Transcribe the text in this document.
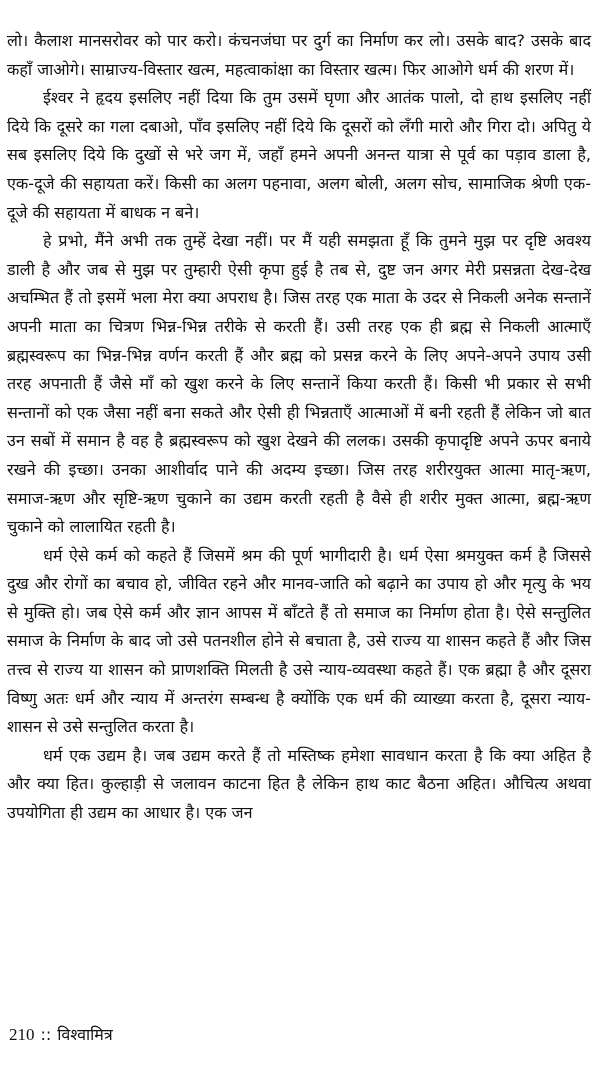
लो। कैलाश मानसरोवर को पार करो। कंचनजंघा पर दुर्ग का निर्माण कर लो। उसके बाद? उसके बाद कहाँ जाओगे। साम्राज्य-विस्तार खत्म, महत्वाकांक्षा का विस्तार खत्म। फिर आओगे धर्म की शरण में।

ईश्वर ने हृदय इसलिए नहीं दिया कि तुम उसमें घृणा और आतंक पालो, दो हाथ इसलिए नहीं दिये कि दूसरे का गला दबाओ, पाँव इसलिए नहीं दिये कि दूसरों को लँगी मारो और गिरा दो। अपितु ये सब इसलिए दिये कि दुखों से भरे जग में, जहाँ हमने अपनी अनन्त यात्रा से पूर्व का पड़ाव डाला है, एक-दूजे की सहायता करें। किसी का अलग पहनावा, अलग बोली, अलग सोच, सामाजिक श्रेणी एक-दूजे की सहायता में बाधक न बने।

हे प्रभो, मैंने अभी तक तुम्हें देखा नहीं। पर मैं यही समझता हूँ कि तुमने मुझ पर दृष्टि अवश्य डाली है और जब से मुझ पर तुम्हारी ऐसी कृपा हुई है तब से, दुष्ट जन अगर मेरी प्रसन्नता देख-देख अचम्भित हैं तो इसमें भला मेरा क्या अपराध है। जिस तरह एक माता के उदर से निकली अनेक सन्तानें अपनी माता का चित्रण भिन्न-भिन्न तरीके से करती हैं। उसी तरह एक ही ब्रह्म से निकली आत्माएँ ब्रह्मस्वरूप का भिन्न-भिन्न वर्णन करती हैं और ब्रह्म को प्रसन्न करने के लिए अपने-अपने उपाय उसी तरह अपनाती हैं जैसे माँ को खुश करने के लिए सन्तानें किया करती हैं। किसी भी प्रकार से सभी सन्तानों को एक जैसा नहीं बना सकते और ऐसी ही भिन्नताएँ आत्माओं में बनी रहती हैं लेकिन जो बात उन सबों में समान है वह है ब्रह्मस्वरूप को खुश देखने की ललक। उसकी कृपादृष्टि अपने ऊपर बनाये रखने की इच्छा। उनका आशीर्वाद पाने की अदम्य इच्छा। जिस तरह शरीरयुक्त आत्मा मातृ-ऋण, समाज-ऋण और सृष्टि-ऋण चुकाने का उद्यम करती रहती है वैसे ही शरीर मुक्त आत्मा, ब्रह्म-ऋण चुकाने को लालायित रहती है।

धर्म ऐसे कर्म को कहते हैं जिसमें श्रम की पूर्ण भागीदारी है। धर्म ऐसा श्रमयुक्त कर्म है जिससे दुख और रोगों का बचाव हो, जीवित रहने और मानव-जाति को बढ़ाने का उपाय हो और मृत्यु के भय से मुक्ति हो। जब ऐसे कर्म और ज्ञान आपस में बाँटते हैं तो समाज का निर्माण होता है। ऐसे सन्तुलित समाज के निर्माण के बाद जो उसे पतनशील होने से बचाता है, उसे राज्य या शासन कहते हैं और जिस तत्त्व से राज्य या शासन को प्राणशक्ति मिलती है उसे न्याय-व्यवस्था कहते हैं। एक ब्रह्मा है और दूसरा विष्णु अतः धर्म और न्याय में अन्तरंग सम्बन्ध है क्योंकि एक धर्म की व्याख्या करता है, दूसरा न्याय-शासन से उसे सन्तुलित करता है।

धर्म एक उद्यम है। जब उद्यम करते हैं तो मस्तिष्क हमेशा सावधान करता है कि क्या अहित है और क्या हित। कुल्हाड़ी से जलावन काटना हित है लेकिन हाथ काट बैठना अहित। औचित्य अथवा उपयोगिता ही उद्यम का आधार है। एक जन

210 :: विश्वामित्र
